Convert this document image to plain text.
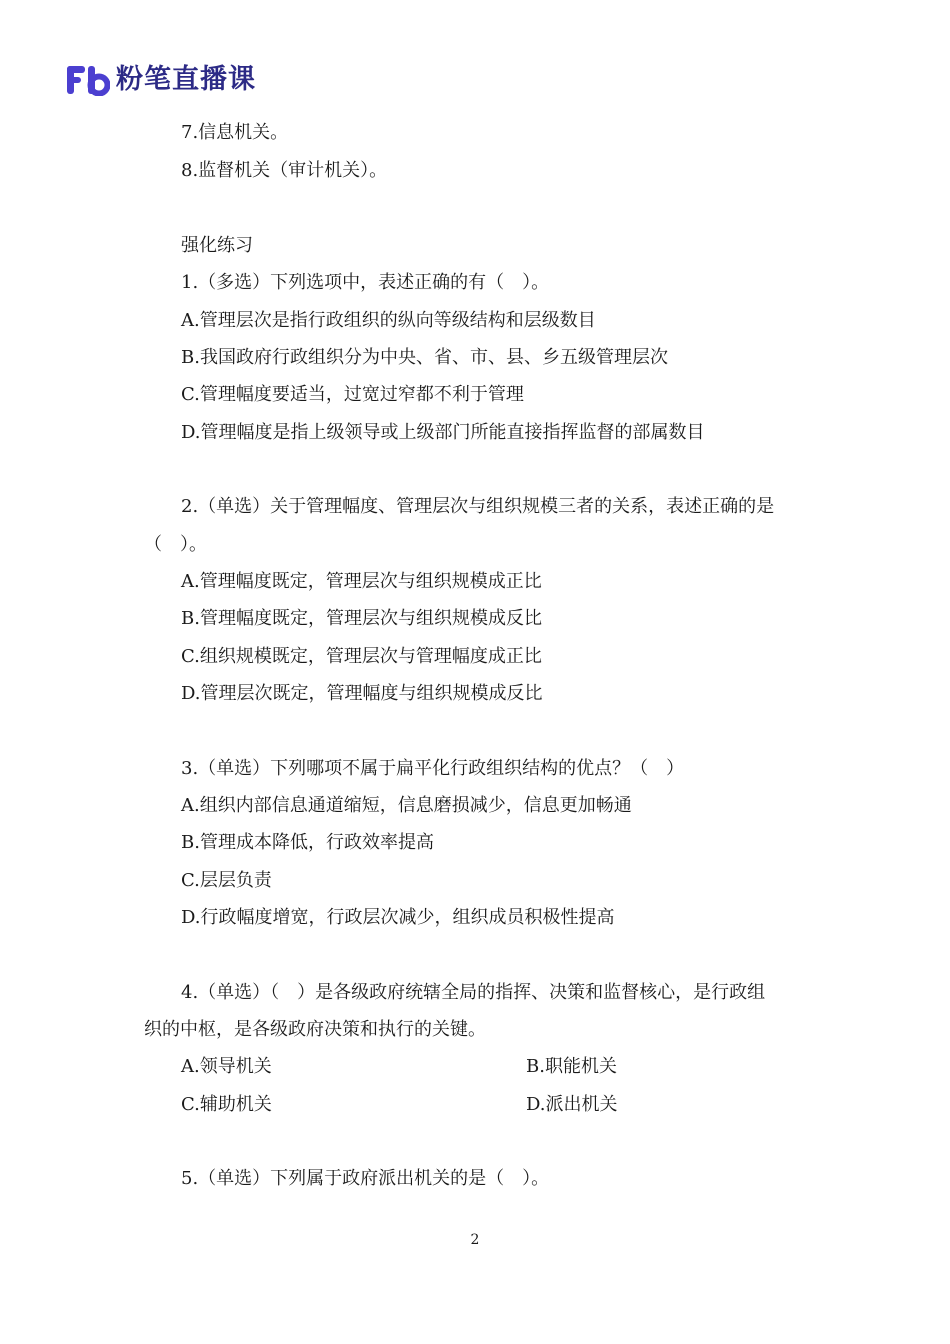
粉笔直播课
7.信息机关。
8.监督机关（审计机关）。
强化练习
1.（多选）下列选项中，表述正确的有（　）。
A.管理层次是指行政组织的纵向等级结构和层级数目
B.我国政府行政组织分为中央、省、市、县、乡五级管理层次
C.管理幅度要适当，过宽过窄都不利于管理
D.管理幅度是指上级领导或上级部门所能直接指挥监督的部属数目
2.（单选）关于管理幅度、管理层次与组织规模三者的关系，表述正确的是
（　）。
A.管理幅度既定，管理层次与组织规模成正比
B.管理幅度既定，管理层次与组织规模成反比
C.组织规模既定，管理层次与管理幅度成正比
D.管理层次既定，管理幅度与组织规模成反比
3.（单选）下列哪项不属于扁平化行政组织结构的优点？（　）
A.组织内部信息通道缩短，信息磨损减少，信息更加畅通
B.管理成本降低，行政效率提高
C.层层负责
D.行政幅度增宽，行政层次减少，组织成员积极性提高
4.（单选）（　）是各级政府统辖全局的指挥、决策和监督核心，是行政组
织的中枢，是各级政府决策和执行的关键。
A.领导机关	B.职能机关
C.辅助机关	D.派出机关
5.（单选）下列属于政府派出机关的是（　）。
2
